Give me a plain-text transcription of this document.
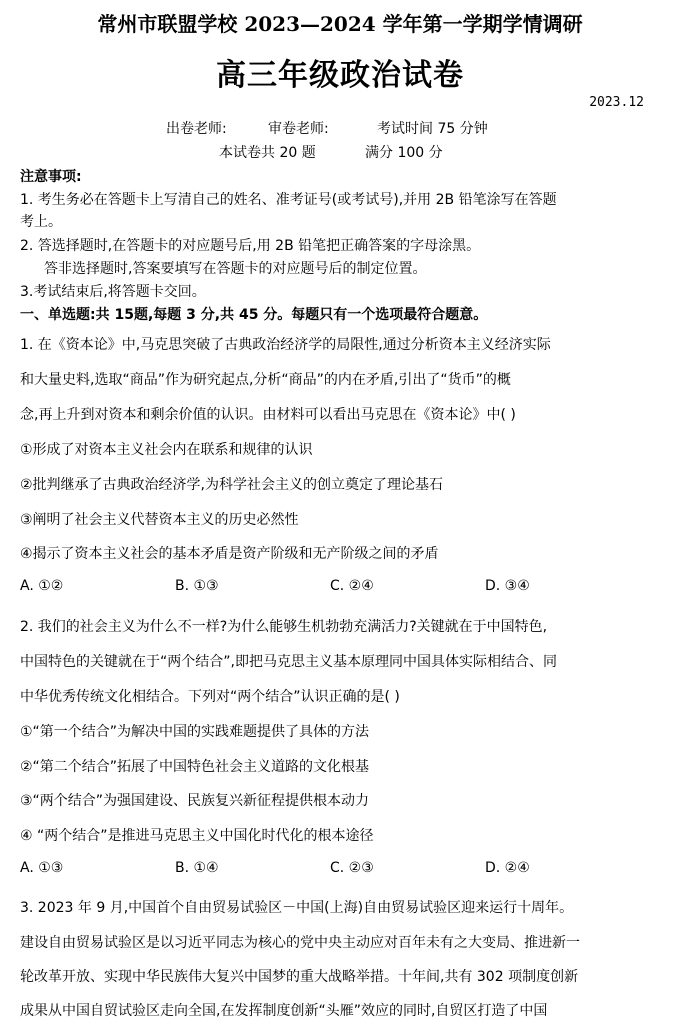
常州市联盟学校 2023—2024 学年第一学期学情调研
高三年级政治试卷
2023.12
出卷老师:	审卷老师:	考试时间 75 分钟
本试卷共 20 题	满分 100 分
注意事项:
1. 考生务必在答题卡上写清自己的姓名、准考证号(或考试号),并用 2B 铅笔涂写在答题
考上。
2. 答选择题时,在答题卡的对应题号后,用 2B 铅笔把正确答案的字母涂黑。
答非选择题时,答案要填写在答题卡的对应题号后的制定位置。
3.考试结束后,将答题卡交回。
一、单选题:共 15题,每题 3 分,共 45 分。每题只有一个选项最符合题意。
1. 在《资本论》中,马克思突破了古典政治经济学的局限性,通过分析资本主义经济实际
和大量史料,选取“商品”作为研究起点,分析“商品”的内在矛盾,引出了“货币”的概
念,再上升到对资本和剩余价值的认识。由材料可以看出马克思在《资本论》中( )
①形成了对资本主义社会内在联系和规律的认识
②批判继承了古典政治经济学,为科学社会主义的创立奠定了理论基石
③阐明了社会主义代替资本主义的历史必然性
④揭示了资本主义社会的基本矛盾是资产阶级和无产阶级之间的矛盾
A. ①②	B. ①③	C. ②④	D. ③④
2. 我们的社会主义为什么不一样?为什么能够生机勃勃充满活力?关键就在于中国特色,
中国特色的关键就在于“两个结合”,即把马克思主义基本原理同中国具体实际相结合、同
中华优秀传统文化相结合。下列对“两个结合”认识正确的是( )
①“第一个结合”为解决中国的实践难题提供了具体的方法
②“第二个结合”拓展了中国特色社会主义道路的文化根基
③“两个结合”为强国建设、民族复兴新征程提供根本动力
④ “两个结合”是推进马克思主义中国化时代化的根本途径
A. ①③	B. ①④	C. ②③	D. ②④
3. 2023 年 9 月,中国首个自由贸易试验区－中国(上海)自由贸易试验区迎来运行十周年。
建设自由贸易试验区是以习近平同志为核心的党中央主动应对百年未有之大变局、推进新一
轮改革开放、实现中华民族伟大复兴中国梦的重大战略举措。十年间,共有 302 项制度创新
成果从中国自贸试验区走向全国,在发挥制度创新“头雁”效应的同时,自贸区打造了中国
